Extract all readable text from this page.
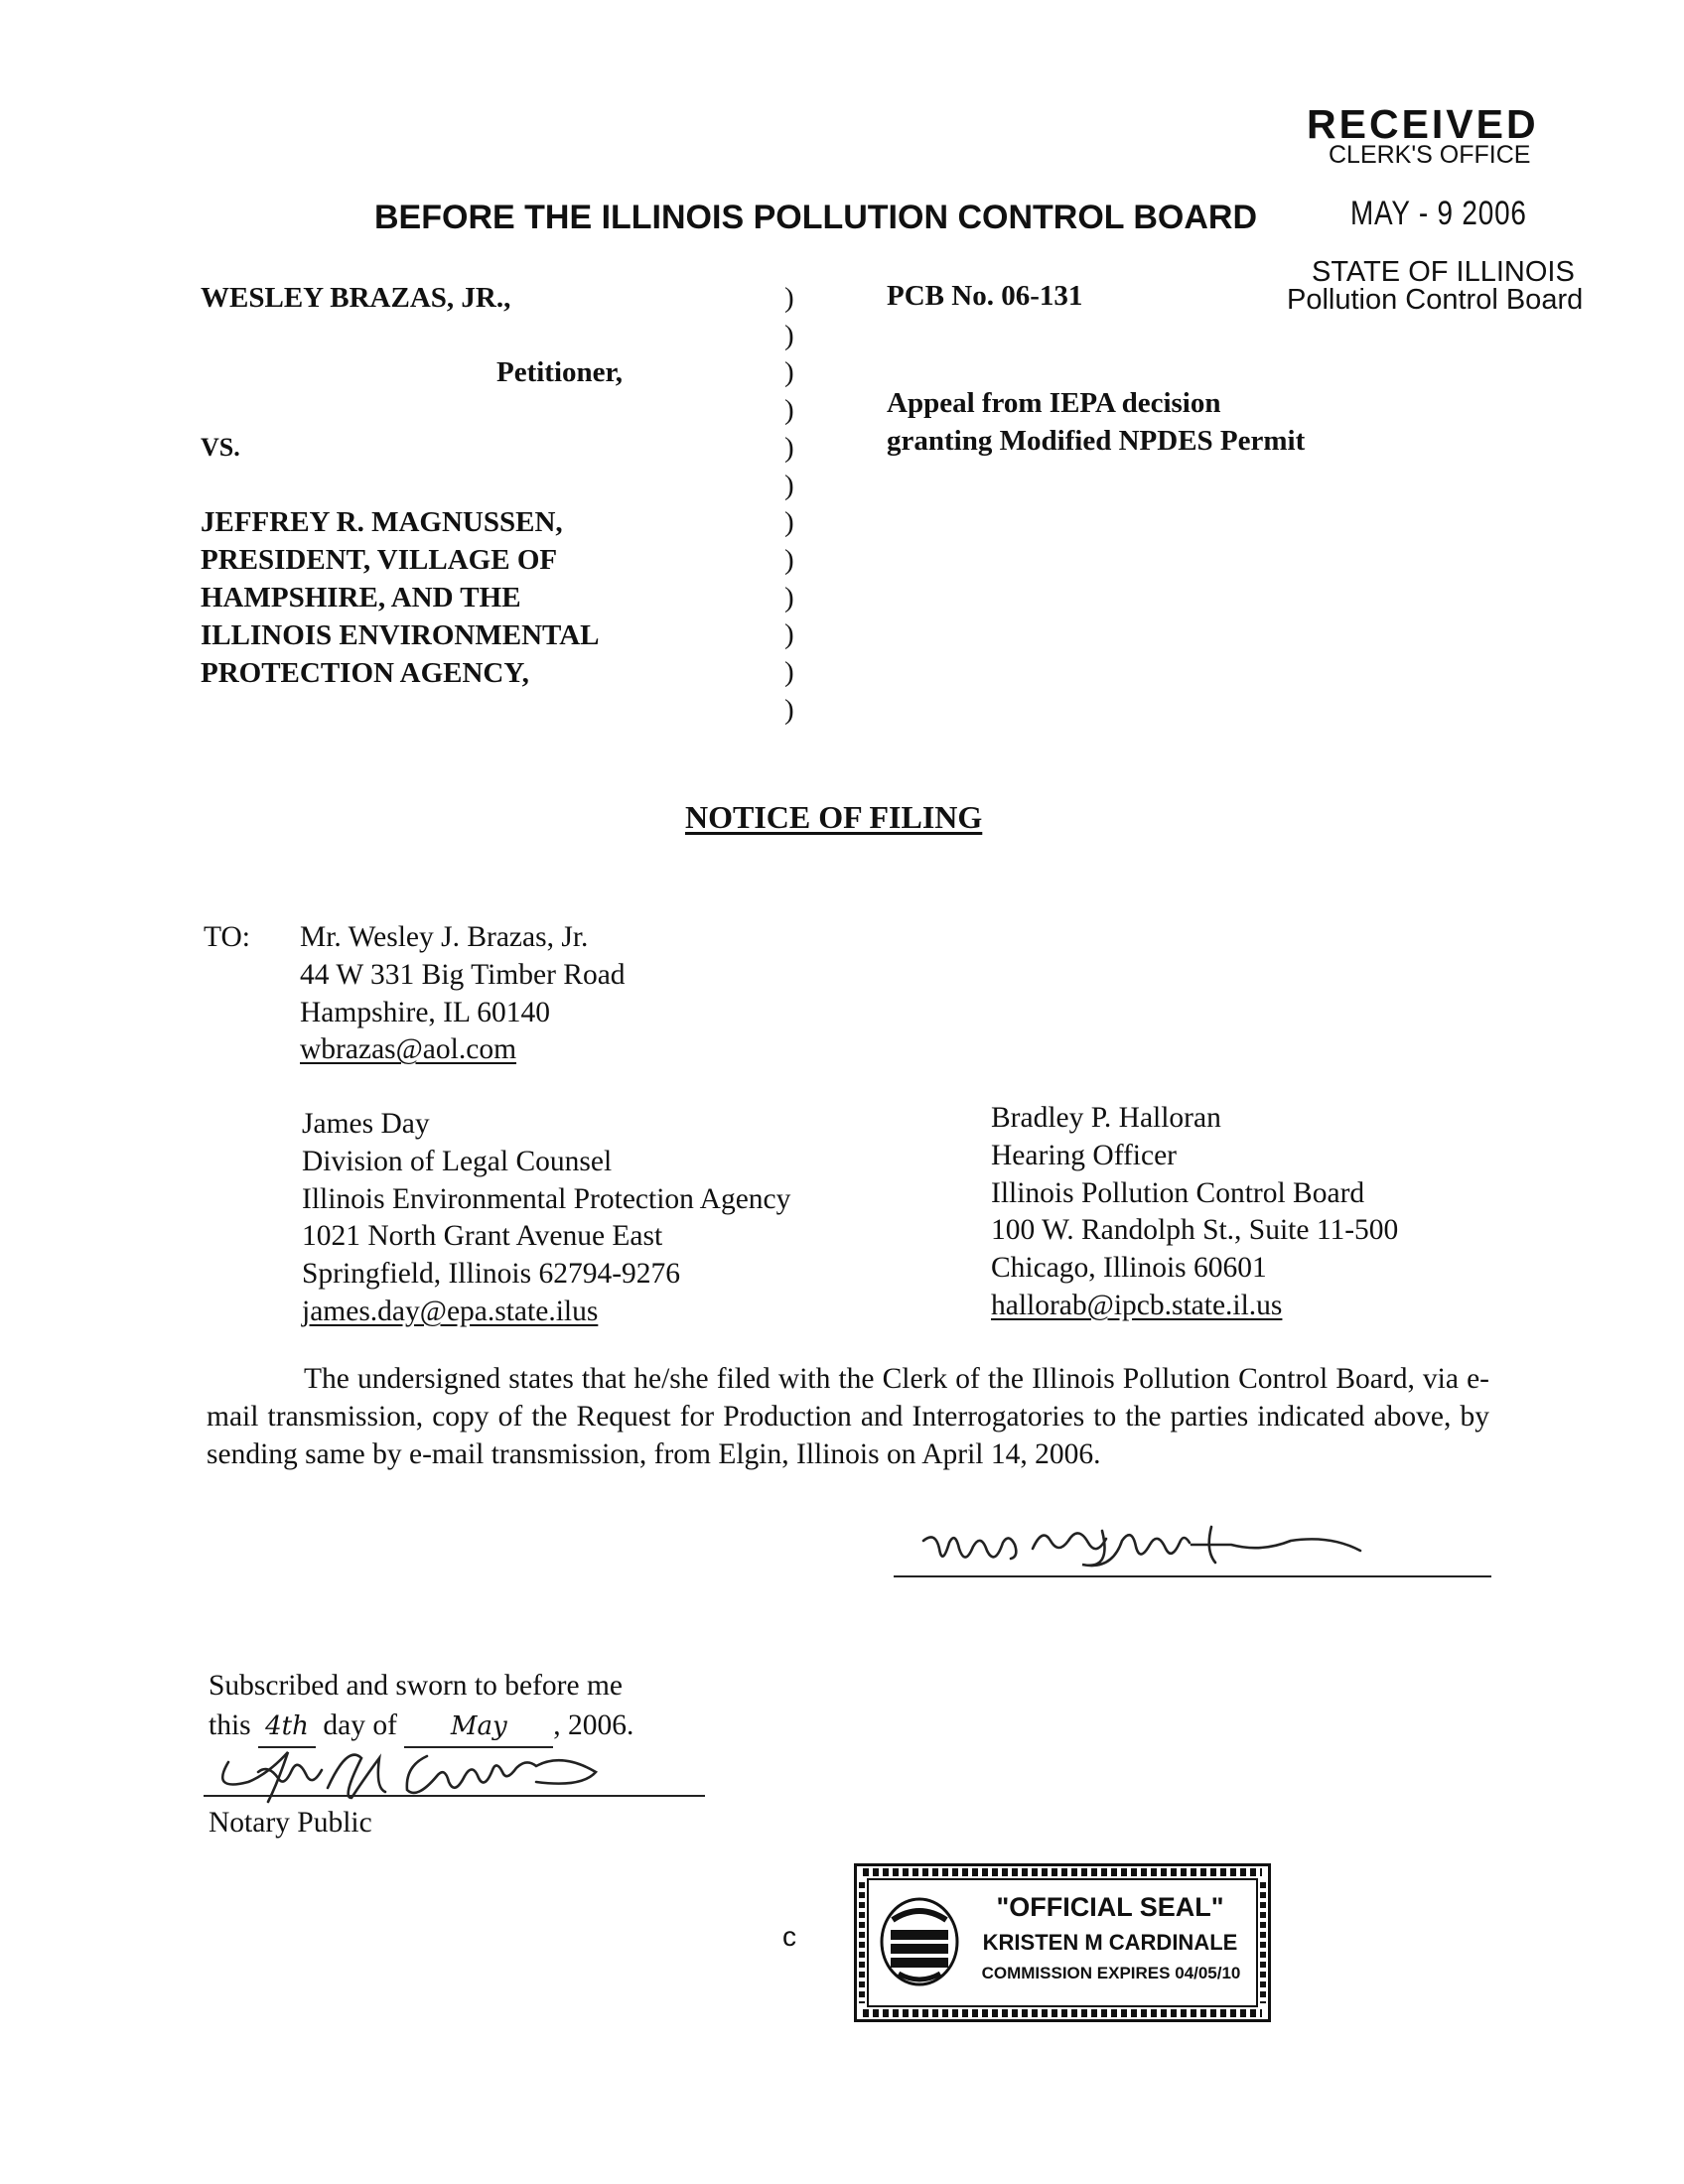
RECEIVED
CLERK'S OFFICE
MAY - 9 2006
STATE OF ILLINOIS
Pollution Control Board
BEFORE THE ILLINOIS POLLUTION CONTROL BOARD
WESLEY BRAZAS, JR.,
Petitioner,
VS.
JEFFREY R. MAGNUSSEN,
PRESIDENT, VILLAGE OF
HAMPSHIRE, AND THE
ILLINOIS ENVIRONMENTAL
PROTECTION AGENCY,
)
)
)
)
)
)
)
)
)
)
)
)
PCB No. 06-131
Appeal from IEPA decision
granting Modified NPDES Permit
NOTICE OF FILING
TO: Mr. Wesley J. Brazas, Jr.
44 W 331 Big Timber Road
Hampshire, IL 60140
wbrazas@aol.com
James Day
Division of Legal Counsel
Illinois Environmental Protection Agency
1021 North Grant Avenue East
Springfield, Illinois 62794-9276
james.day@epa.state.ilus
Bradley P. Halloran
Hearing Officer
Illinois Pollution Control Board
100 W. Randolph St., Suite 11-500
Chicago, Illinois 60601
hallorab@ipcb.state.il.us
The undersigned states that he/she filed with the Clerk of the Illinois Pollution Control Board, via e-mail transmission, copy of the Request for Production and Interrogatories to the parties indicated above, by sending same by e-mail transmission, from Elgin, Illinois on April 14, 2006.
Subscribed and sworn to before me
this 4th day of May , 2006.
Notary Public
"OFFICIAL SEAL"
KRISTEN M CARDINALE
COMMISSION EXPIRES 04/05/10
c
